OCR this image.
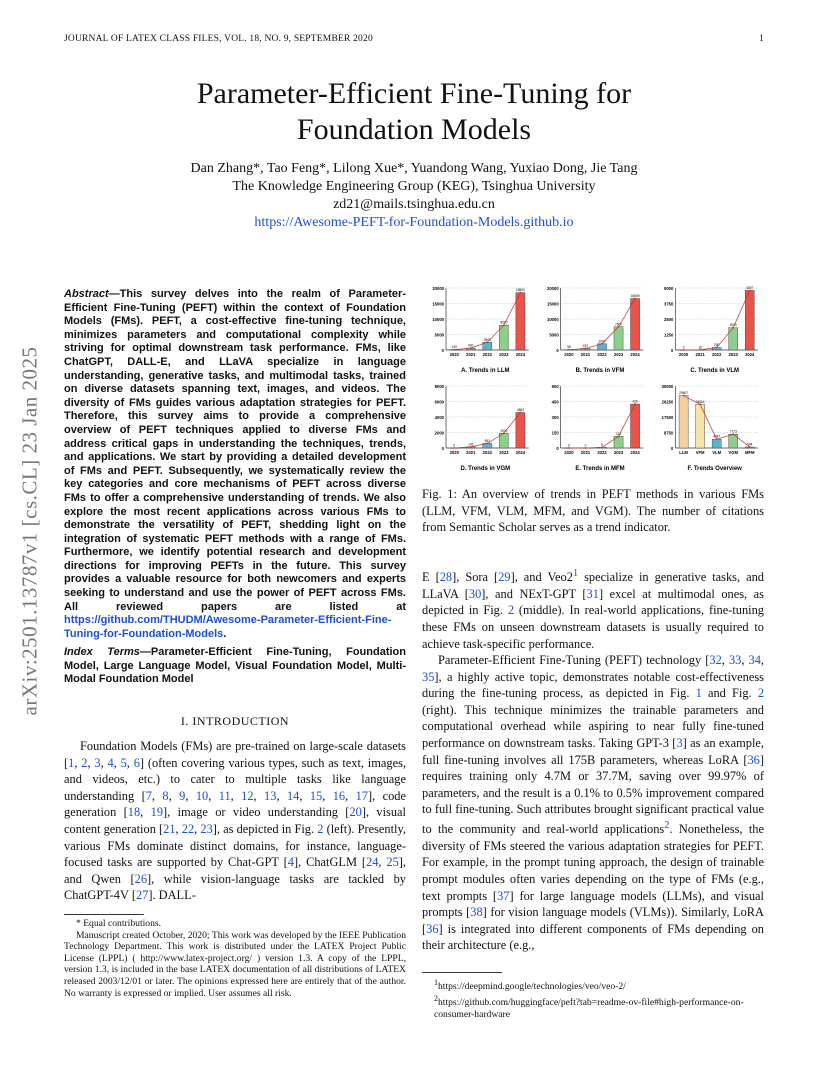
JOURNAL OF LATEX CLASS FILES, VOL. 18, NO. 9, SEPTEMBER 2020	1
arXiv:2501.13787v1 [cs.CL] 23 Jan 2025
Parameter-Efficient Fine-Tuning for
Foundation Models
Dan Zhang*, Tao Feng*, Lilong Xue*, Yuandong Wang, Yuxiao Dong, Jie Tang
The Knowledge Engineering Group (KEG), Tsinghua University
zd21@mails.tsinghua.edu.cn
https://Awesome-PEFT-for-Foundation-Models.github.io
Abstract—This survey delves into the realm of Parameter-Efficient Fine-Tuning (PEFT) within the context of Foundation Models (FMs). PEFT, a cost-effective fine-tuning technique, minimizes parameters and computational complexity while striving for optimal downstream task performance. FMs, like ChatGPT, DALL-E, and LLaVA specialize in language understanding, generative tasks, and multimodal tasks, trained on diverse datasets spanning text, images, and videos. The diversity of FMs guides various adaptation strategies for PEFT. Therefore, this survey aims to provide a comprehensive overview of PEFT techniques applied to diverse FMs and address critical gaps in understanding the techniques, trends, and applications. We start by providing a detailed development of FMs and PEFT. Subsequently, we systematically review the key categories and core mechanisms of PEFT across diverse FMs to offer a comprehensive understanding of trends. We also explore the most recent applications across various FMs to demonstrate the versatility of PEFT, shedding light on the integration of systematic PEFT methods with a range of FMs. Furthermore, we identify potential research and development directions for improving PEFTs in the future. This survey provides a valuable resource for both newcomers and experts seeking to understand and use the power of PEFT across FMs. All reviewed papers are listed at https://github.com/THUDM/Awesome-Parameter-Efficient-Fine-Tuning-for-Foundation-Models.
Index Terms—Parameter-Efficient Fine-Tuning, Foundation Model, Large Language Model, Visual Foundation Model, Multi-Modal Foundation Model
I. INTRODUCTION
Foundation Models (FMs) are pre-trained on large-scale datasets [1, 2, 3, 4, 5, 6] (often covering various types, such as text, images, and videos, etc.) to cater to multiple tasks like language understanding [7, 8, 9, 10, 11, 12, 13, 14, 15, 16, 17], code generation [18, 19], image or video understanding [20], visual content generation [21, 22, 23], as depicted in Fig. 2 (left). Presently, various FMs dominate distinct domains, for instance, language-focused tasks are supported by Chat-GPT [4], ChatGLM [24, 25], and Qwen [26], while vision-language tasks are tackled by ChatGPT-4V [27]. DALL-
* Equal contributions.
Manuscript created October, 2020; This work was developed by the IEEE Publication Technology Department. This work is distributed under the LATEX Project Public License (LPPL) ( http://www.latex-project.org/ ) version 1.3. A copy of the LPPL, version 1.3, is included in the base LATEX documentation of all distributions of LATEX released 2003/12/01 or later. The opinions expressed here are entirely that of the author. No warranty is expressed or implied. User assumes all risk.
0
5000
10000
15000
20000
149
2020
600
2021
2500
2022
8000
2023
18500
2024
A. Trends in LLM
0
5000
10000
15000
20000
98
2020
497
2021
2000
2022
7500
2023
16599
2024
B. Trends in VFM
0
1250
2500
3750
5000
0
2020
16
2021
200
2022
1800
2023
4807
2024
C. Trends in VLM
0
2000
4000
6000
8000
0
2020
143
2021
593
2022
1900
2023
4583
2024
D. Trends in VGM
0
150
300
450
600
0
2020
0
2021
6
2022
113
2023
425
2024
E. Trends in MFM
0
8750
17500
26250
35000
29607
LLM
24604
VFM
4987
VLM
7773
VGM
544
MFM
F. Trends Overview
Fig. 1: An overview of trends in PEFT methods in various FMs (LLM, VFM, VLM, MFM, and VGM). The number of citations from Semantic Scholar serves as a trend indicator.

E [28], Sora [29], and Veo2$^1$ specialize in generative tasks, and LLaVA [30], and NExT-GPT [31] excel at multimodal ones, as depicted in Fig. 2 (middle). In real-world applications, fine-tuning these FMs on unseen downstream datasets is usually required to achieve task-specific performance.

Parameter-Efficient Fine-Tuning (PEFT) technology [32, 33, 34, 35], a highly active topic, demonstrates notable cost-effectiveness during the fine-tuning process, as depicted in Fig. 1 and Fig. 2 (right). This technique minimizes the trainable parameters and computational overhead while aspiring to near fully fine-tuned performance on downstream tasks. Taking GPT-3 [3] as an example, full fine-tuning involves all 175B parameters, whereas LoRA [36] requires training only 4.7M or 37.7M, saving over 99.97% of parameters, and the result is a 0.1% to 0.5% improvement compared to full fine-tuning. Such attributes brought significant practical value to the community and real-world applications$^2$. Nonetheless, the diversity of FMs steered the various adaptation strategies for PEFT. For example, in the prompt tuning approach, the design of trainable prompt modules often varies depending on the type of FMs (e.g., text prompts [37] for large language models (LLMs), and visual prompts [38] for vision language models (VLMs)). Similarly, LoRA [36] is integrated into different components of FMs depending on their architecture (e.g.,

$^1$https://deepmind.google/technologies/veo/veo-2/
$^2$https://github.com/huggingface/peft?tab=readme-ov-file#high-performance-on-consumer-hardware
